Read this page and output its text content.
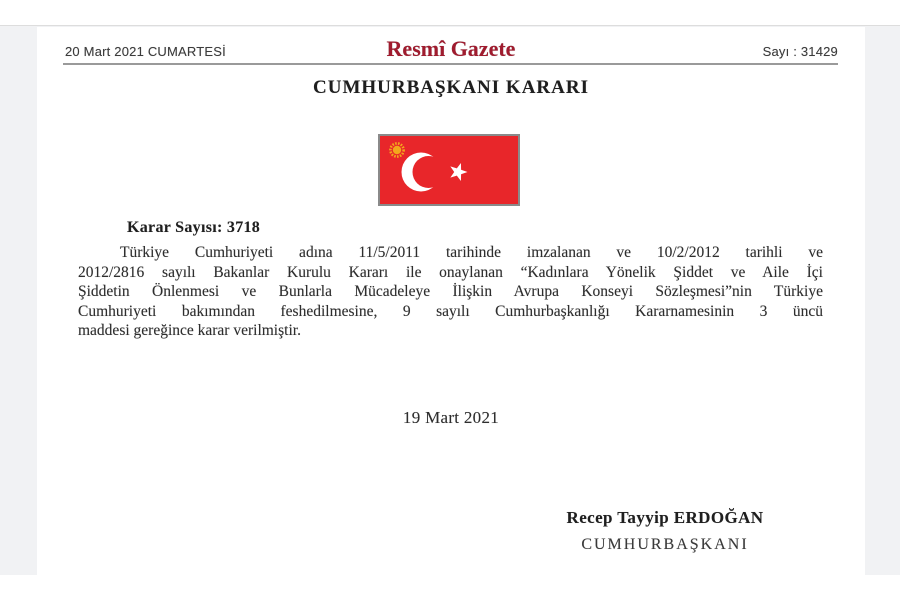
20 Mart 2021 CUMARTESİ	Resmî Gazete	Sayı : 31429
CUMHURBAŞKANI KARARI
Karar Sayısı: 3718
Türkiye Cumhuriyeti adına 11/5/2011 tarihinde imzalanan ve 10/2/2012 tarihli ve
2012/2816 sayılı Bakanlar Kurulu Kararı ile onaylanan “Kadınlara Yönelik Şiddet ve Aile İçi
Şiddetin Önlenmesi ve Bunlarla Mücadeleye İlişkin Avrupa Konseyi Sözleşmesi”nin Türkiye
Cumhuriyeti bakımından feshedilmesine, 9 sayılı Cumhurbaşkanlığı Kararnamesinin 3 üncü
maddesi gereğince karar verilmiştir.
19 Mart 2021
Recep Tayyip ERDOĞAN
CUMHURBAŞKANI
